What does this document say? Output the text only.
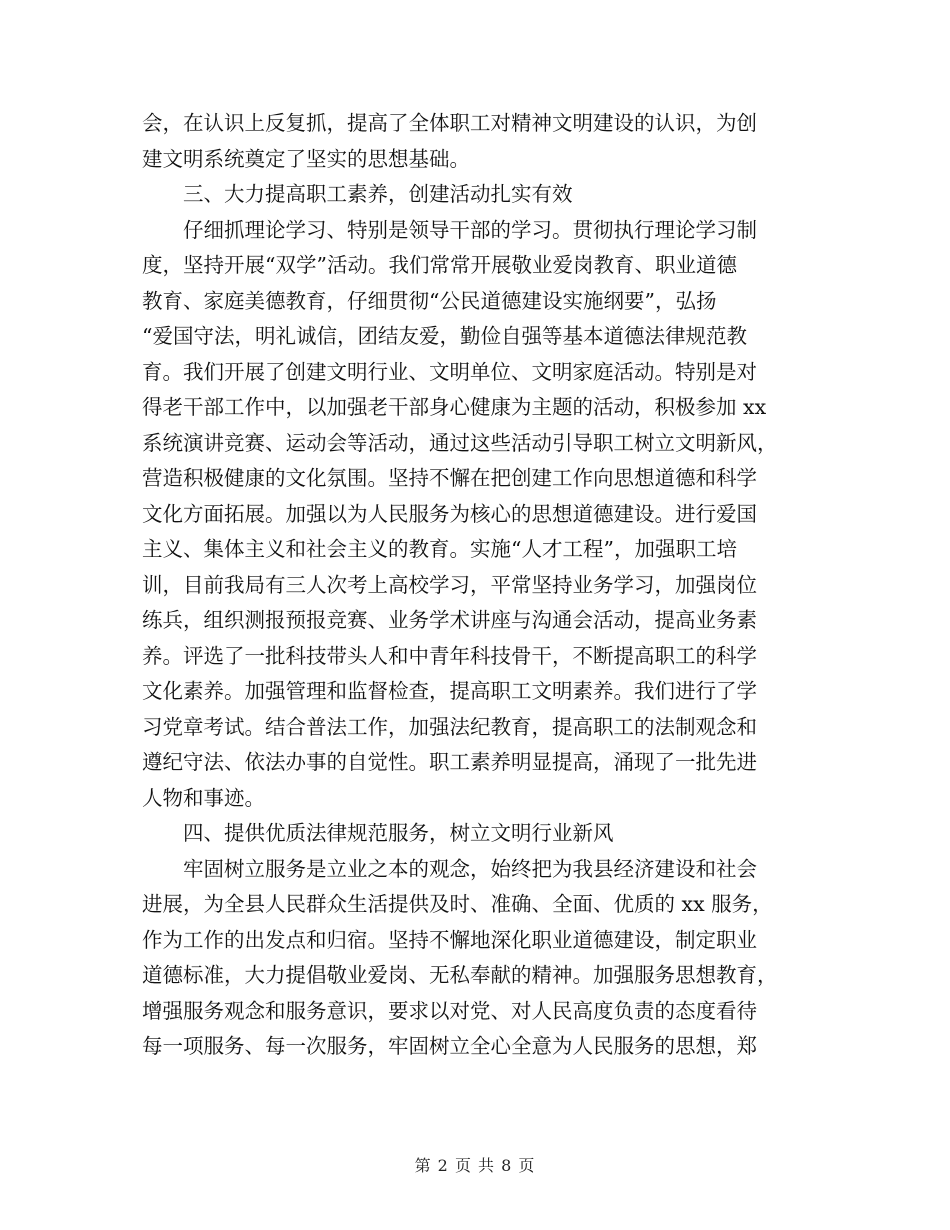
会，在认识上反复抓，提高了全体职工对精神文明建设的认识，为创
建文明系统奠定了坚实的思想基础。
三、大力提高职工素养，创建活动扎实有效
仔细抓理论学习、特别是领导干部的学习。贯彻执行理论学习制
度，坚持开展“双学”活动。我们常常开展敬业爱岗教育、职业道德
教育、家庭美德教育，仔细贯彻“公民道德建设实施纲要”，弘扬
“爱国守法，明礼诚信，团结友爱，勤俭自强等基本道德法律规范教
育。我们开展了创建文明行业、文明单位、文明家庭活动。特别是对
得老干部工作中，以加强老干部身心健康为主题的活动，积极参加 xx
系统演讲竞赛、运动会等活动，通过这些活动引导职工树立文明新风，
营造积极健康的文化氛围。坚持不懈在把创建工作向思想道德和科学
文化方面拓展。加强以为人民服务为核心的思想道德建设。进行爱国
主义、集体主义和社会主义的教育。实施“人才工程”，加强职工培
训，目前我局有三人次考上高校学习，平常坚持业务学习，加强岗位
练兵，组织测报预报竞赛、业务学术讲座与沟通会活动，提高业务素
养。评选了一批科技带头人和中青年科技骨干，不断提高职工的科学
文化素养。加强管理和监督检查，提高职工文明素养。我们进行了学
习党章考试。结合普法工作，加强法纪教育，提高职工的法制观念和
遵纪守法、依法办事的自觉性。职工素养明显提高，涌现了一批先进
人物和事迹。
四、提供优质法律规范服务，树立文明行业新风
牢固树立服务是立业之本的观念，始终把为我县经济建设和社会
进展，为全县人民群众生活提供及时、准确、全面、优质的 xx 服务，
作为工作的出发点和归宿。坚持不懈地深化职业道德建设，制定职业
道德标准，大力提倡敬业爱岗、无私奉献的精神。加强服务思想教育，
增强服务观念和服务意识，要求以对党、对人民高度负责的态度看待
每一项服务、每一次服务，牢固树立全心全意为人民服务的思想，郑
第 2 页 共 8 页
